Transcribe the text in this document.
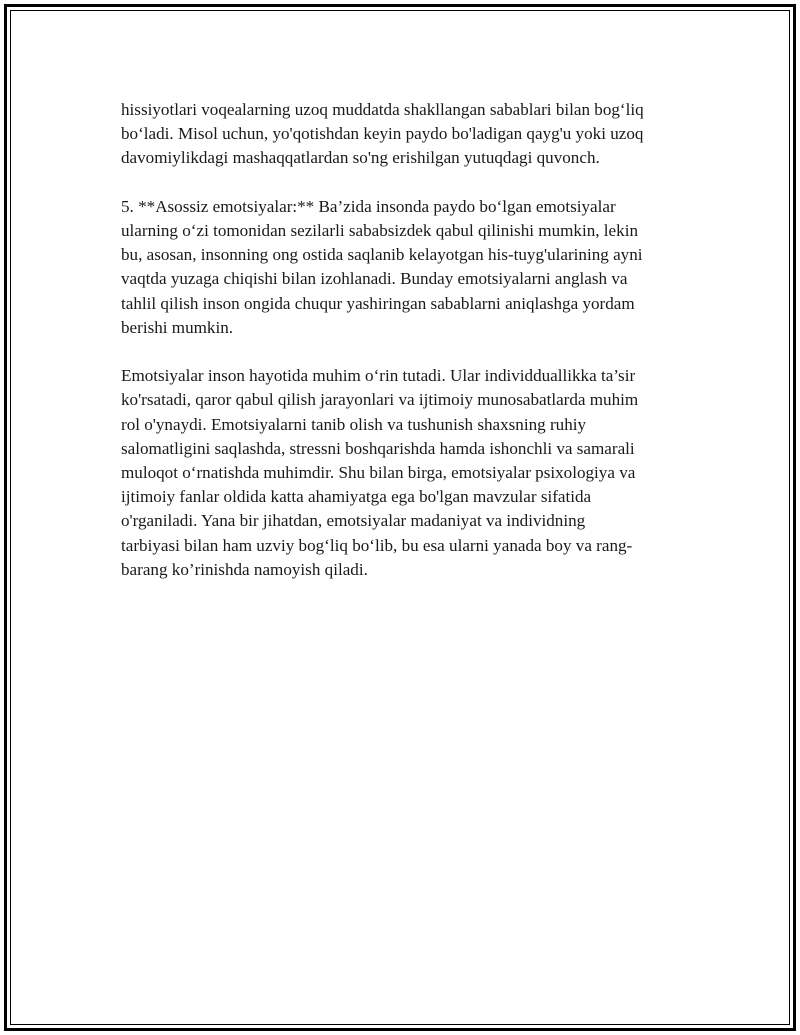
hissiyotlari voqealarning uzoq muddatda shakllangan sabablari bilan bog‘liq
bo‘ladi. Misol uchun, yo'qotishdan keyin paydo bo'ladigan qayg'u yoki uzoq
davomiylikdagi mashaqqatlardan so'ng erishilgan yutuqdagi quvonch.

5. **Asossiz emotsiyalar:** Ba’zida insonda paydo bo‘lgan emotsiyalar
ularning o‘zi tomonidan sezilarli sababsizdek qabul qilinishi mumkin, lekin
bu, asosan, insonning ong ostida saqlanib kelayotgan his-tuyg'ularining ayni
vaqtda yuzaga chiqishi bilan izohlanadi. Bunday emotsiyalarni anglash va
tahlil qilish inson ongida chuqur yashiringan sabablarni aniqlashga yordam
berishi mumkin.

Emotsiyalar inson hayotida muhim o‘rin tutadi. Ular individduallikka ta’sir
ko'rsatadi, qaror qabul qilish jarayonlari va ijtimoiy munosabatlarda muhim
rol o'ynaydi. Emotsiyalarni tanib olish va tushunish shaxsning ruhiy
salomatligini saqlashda, stressni boshqarishda hamda ishonchli va samarali
muloqot o‘rnatishda muhimdir. Shu bilan birga, emotsiyalar psixologiya va
ijtimoiy fanlar oldida katta ahamiyatga ega bo'lgan mavzular sifatida
o'rganiladi. Yana bir jihatdan, emotsiyalar madaniyat va individning
tarbiyasi bilan ham uzviy bog‘liq bo‘lib, bu esa ularni yanada boy va rang-
barang ko’rinishda namoyish qiladi.
